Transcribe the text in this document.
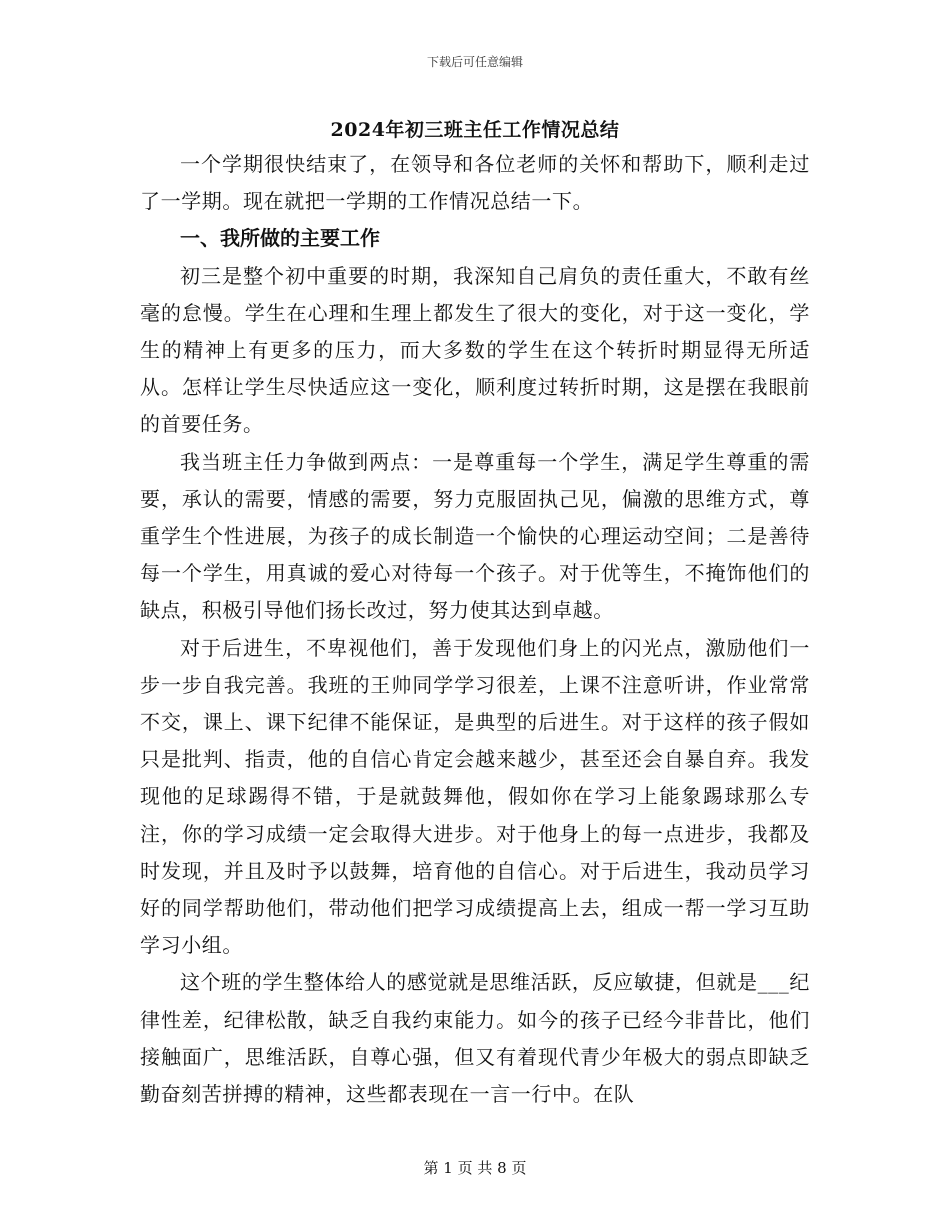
下载后可任意编辑
2024年初三班主任工作情况总结

一个学期很快结束了，在领导和各位老师的关怀和帮助下，顺利走过了一学期。现在就把一学期的工作情况总结一下。

一、我所做的主要工作

初三是整个初中重要的时期，我深知自己肩负的责任重大，不敢有丝毫的怠慢。学生在心理和生理上都发生了很大的变化，对于这一变化，学生的精神上有更多的压力，而大多数的学生在这个转折时期显得无所适从。怎样让学生尽快适应这一变化，顺利度过转折时期，这是摆在我眼前的首要任务。

我当班主任力争做到两点：一是尊重每一个学生，满足学生尊重的需要，承认的需要，情感的需要，努力克服固执己见，偏激的思维方式，尊重学生个性进展，为孩子的成长制造一个愉快的心理运动空间；二是善待每一个学生，用真诚的爱心对待每一个孩子。对于优等生，不掩饰他们的缺点，积极引导他们扬长改过，努力使其达到卓越。

对于后进生，不卑视他们，善于发现他们身上的闪光点，激励他们一步一步自我完善。我班的王帅同学学习很差，上课不注意听讲，作业常常不交，课上、课下纪律不能保证，是典型的后进生。对于这样的孩子假如只是批判、指责，他的自信心肯定会越来越少，甚至还会自暴自弃。我发现他的足球踢得不错，于是就鼓舞他，假如你在学习上能象踢球那么专注，你的学习成绩一定会取得大进步。对于他身上的每一点进步，我都及时发现，并且及时予以鼓舞，培育他的自信心。对于后进生，我动员学习好的同学帮助他们，带动他们把学习成绩提高上去，组成一帮一学习互助学习小组。

这个班的学生整体给人的感觉就是思维活跃，反应敏捷，但就是___纪律性差，纪律松散，缺乏自我约束能力。如今的孩子已经今非昔比，他们接触面广，思维活跃，自尊心强，但又有着现代青少年极大的弱点即缺乏勤奋刻苦拼搏的精神，这些都表现在一言一行中。在队

第 1 页 共 8 页
